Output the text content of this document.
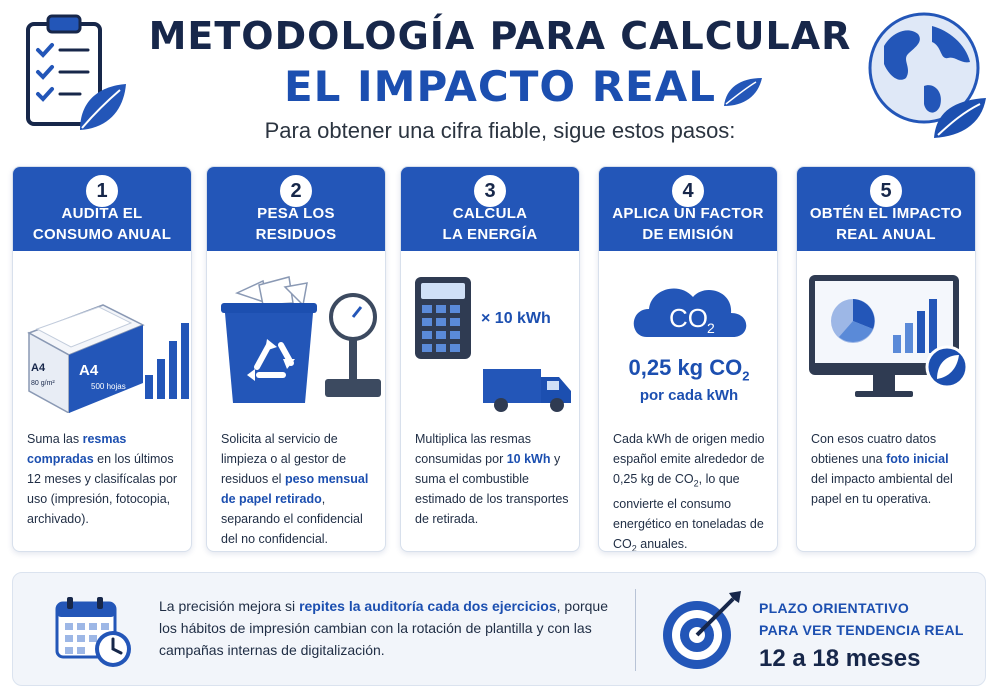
METODOLOGÍA PARA CALCULAR
EL IMPACTO REAL
Para obtener una cifra fiable, sigue estos pasos:
1
AUDITA EL
CONSUMO ANUAL
A4
80 g/m²
A4
500 hojas
Suma las resmas compradas en los últimos 12 meses y clasifícalas por uso (impresión, fotocopia, archivado).
2
PESA LOS
RESIDUOS
Solicita al servicio de limpieza o al gestor de residuos el peso mensual de papel retirado, separando el confidencial del no confidencial.
3
CALCULA
LA ENERGÍA
× 10 kWh
Multiplica las resmas consumidas por 10 kWh y suma el combustible estimado de los transportes de retirada.
4
APLICA UN FACTOR
DE EMISIÓN
CO 2
0,25 kg $CO_2$
por cada kWh
Cada kWh de origen medio español emite alrededor de 0,25 kg de $CO_2$, lo que convierte el consumo energético en toneladas de $CO_2$ anuales.
5
OBTÉN EL IMPACTO
REAL ANUAL
Con esos cuatro datos obtienes una foto inicial del impacto ambiental del papel en tu operativa.
La precisión mejora si repites la auditoría cada dos ejercicios, porque los hábitos de impresión cambian con la rotación de plantilla y con las campañas internas de digitalización.
PLAZO ORIENTATIVO
PARA VER TENDENCIA REAL
12 a 18 meses
